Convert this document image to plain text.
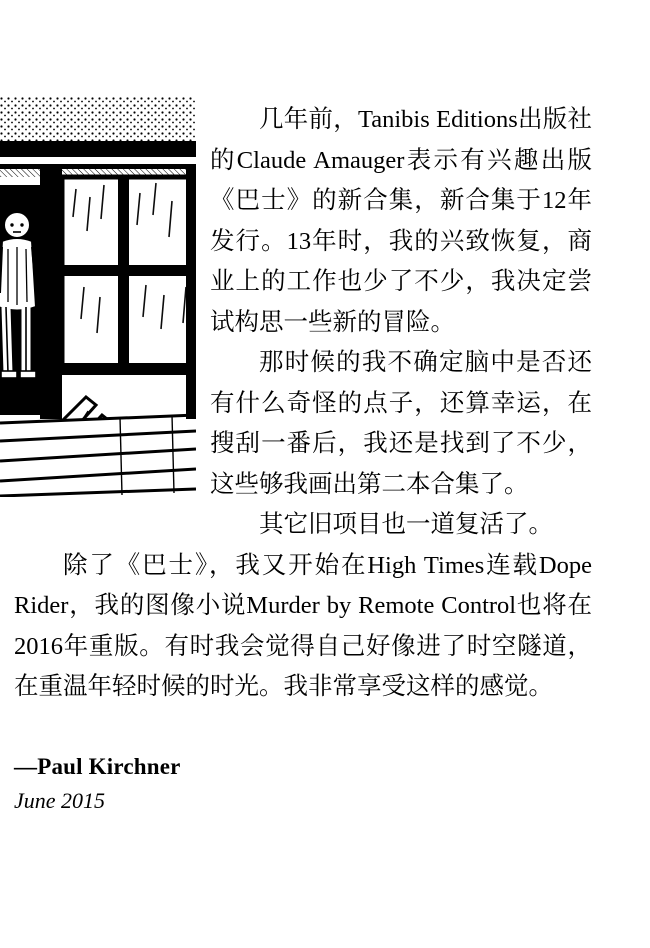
几年前，Tanibis Editions出版社的Claude Amauger表示有兴趣出版《巴士》的新合集，新合集于12年发行。13年时，我的兴致恢复，商业上的工作也少了不少，我决定尝试构思一些新的冒险。

那时候的我不确定脑中是否还有什么奇怪的点子，还算幸运，在搜刮一番后，我还是找到了不少，这些够我画出第二本合集了。

其它旧项目也一道复活了。

除了《巴士》，我又开始在High Times连载Dope Rider，我的图像小说Murder by Remote Control也将在2016年重版。有时我会觉得自己好像进了时空隧道，在重温年轻时候的时光。我非常享受这样的感觉。

—Paul Kirchner

June 2015
